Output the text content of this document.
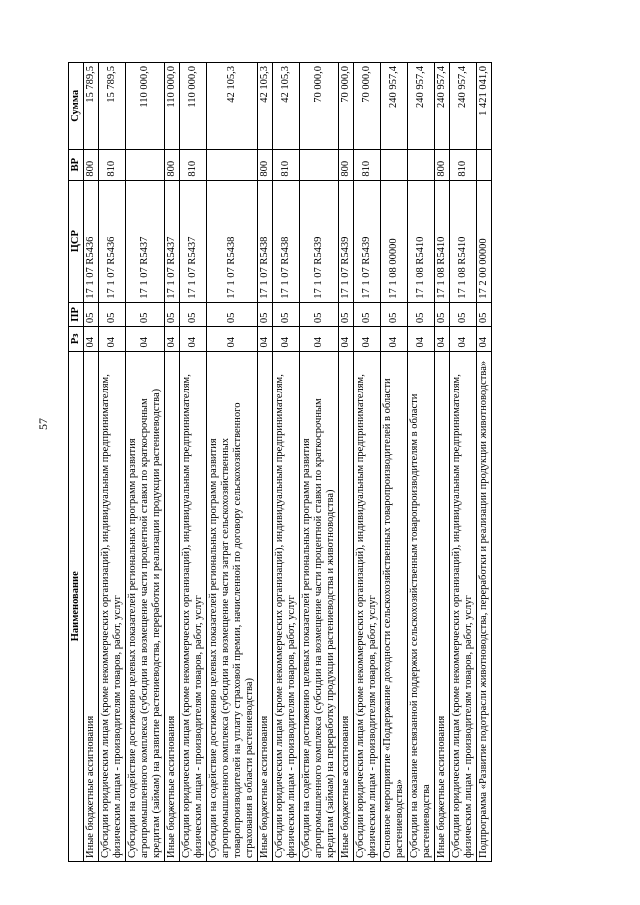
57
Наименование	Рз	ПР	ЦСР	ВР	Сумма
Иные бюджетные ассигнования	04	05	17 1 07 R5436	800	15 789,5
Субсидии юридическим лицам (кроме некоммерческих организаций), индивидуальным предпринимателям, физическим лицам - производителям товаров, работ, услуг	04	05	17 1 07 R5436	810	15 789,5
Субсидии на содействие достижению целевых показателей региональных программ развития агропромышленного комплекса (субсидии на возмещение части процентной ставки по краткосрочным кредитам (займам) на развитие растениеводства, переработки и реализации продукции растениеводства)	04	05	17 1 07 R5437		110 000,0
Иные бюджетные ассигнования	04	05	17 1 07 R5437	800	110 000,0
Субсидии юридическим лицам (кроме некоммерческих организаций), индивидуальным предпринимателям, физическим лицам - производителям товаров, работ, услуг	04	05	17 1 07 R5437	810	110 000,0
Субсидии на содействие достижению целевых показателей региональных программ развития агропромышленного комплекса (субсидии на возмещение части затрат сельскохозяйственных товаропроизводителей на уплату страховой премии, начисленной по договору сельскохозяйственного страхования в области растениеводства)	04	05	17 1 07 R5438		42 105,3
Иные бюджетные ассигнования	04	05	17 1 07 R5438	800	42 105,3
Субсидии юридическим лицам (кроме некоммерческих организаций), индивидуальным предпринимателям, физическим лицам - производителям товаров, работ, услуг	04	05	17 1 07 R5438	810	42 105,3
Субсидии на содействие достижению целевых показателей региональных программ развития агропромышленного комплекса (субсидии на возмещение части процентной ставки по краткосрочным кредитам (займам) на переработку продукции растениеводства и животноводства)	04	05	17 1 07 R5439		70 000,0
Иные бюджетные ассигнования	04	05	17 1 07 R5439	800	70 000,0
Субсидии юридическим лицам (кроме некоммерческих организаций), индивидуальным предпринимателям, физическим лицам - производителям товаров, работ, услуг	04	05	17 1 07 R5439	810	70 000,0
Основное мероприятие «Поддержание доходности сельскохозяйственных товаропроизводителей в области растениеводства»	04	05	17 1 08 00000		240 957,4
Субсидии на оказание несвязанной поддержки сельскохозяйственным товаропроизводителям в области растениеводства	04	05	17 1 08 R5410		240 957,4
Иные бюджетные ассигнования	04	05	17 1 08 R5410	800	240 957,4
Субсидии юридическим лицам (кроме некоммерческих организаций), индивидуальным предпринимателям, физическим лицам - производителям товаров, работ, услуг	04	05	17 1 08 R5410	810	240 957,4
Подпрограмма «Развитие подотрасли животноводства, переработки и реализации продукции животноводства»	04	05	17 2 00 00000		1 421 041,0
